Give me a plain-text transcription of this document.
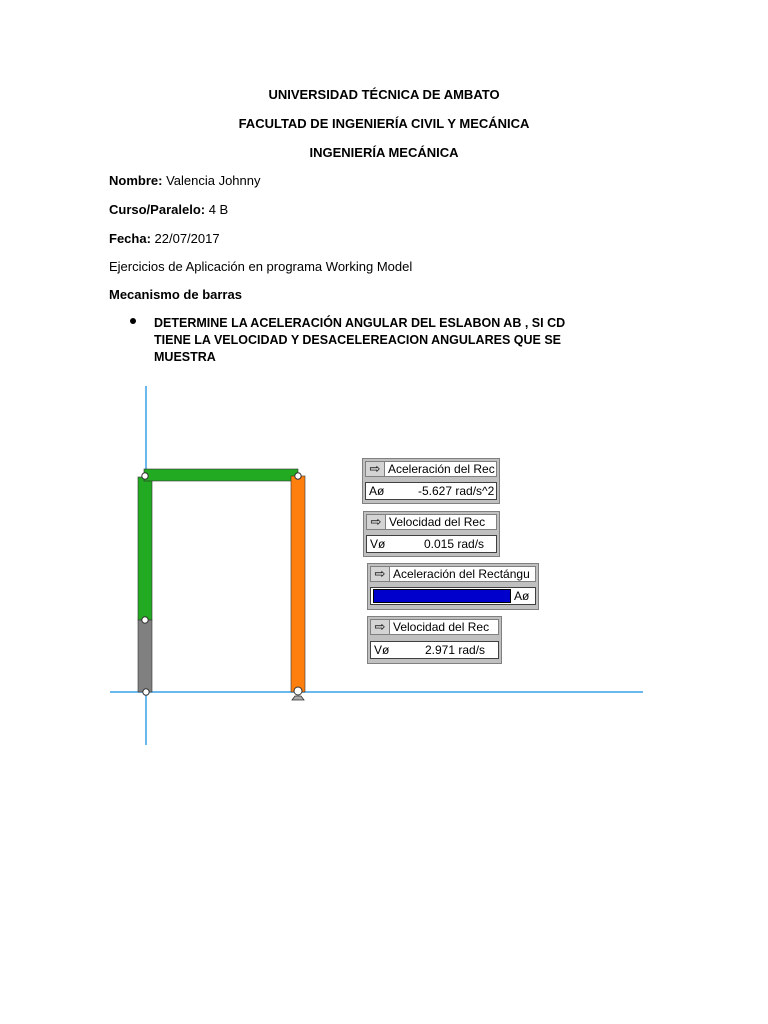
UNIVERSIDAD TÉCNICA DE AMBATO
FACULTAD DE INGENIERÍA CIVIL Y MECÁNICA
INGENIERÍA MECÁNICA
Nombre: Valencia Johnny
Curso/Paralelo: 4 B
Fecha: 22/07/2017
Ejercicios de Aplicación en programa Working Model
Mecanismo de barras
DETERMINE LA ACELERACIÓN ANGULAR DEL ESLABON AB , SI CD TIENE LA VELOCIDAD Y DESACELEREACION ANGULARES QUE SE MUESTRA
⇨ Aceleración del Rec
Aø	-5.627 rad/s^2
⇨ Velocidad del Rec
Vø	0.015 rad/s
⇨ Aceleración del Rectángu
Aø
⇨ Velocidad del Rec
Vø	2.971 rad/s
